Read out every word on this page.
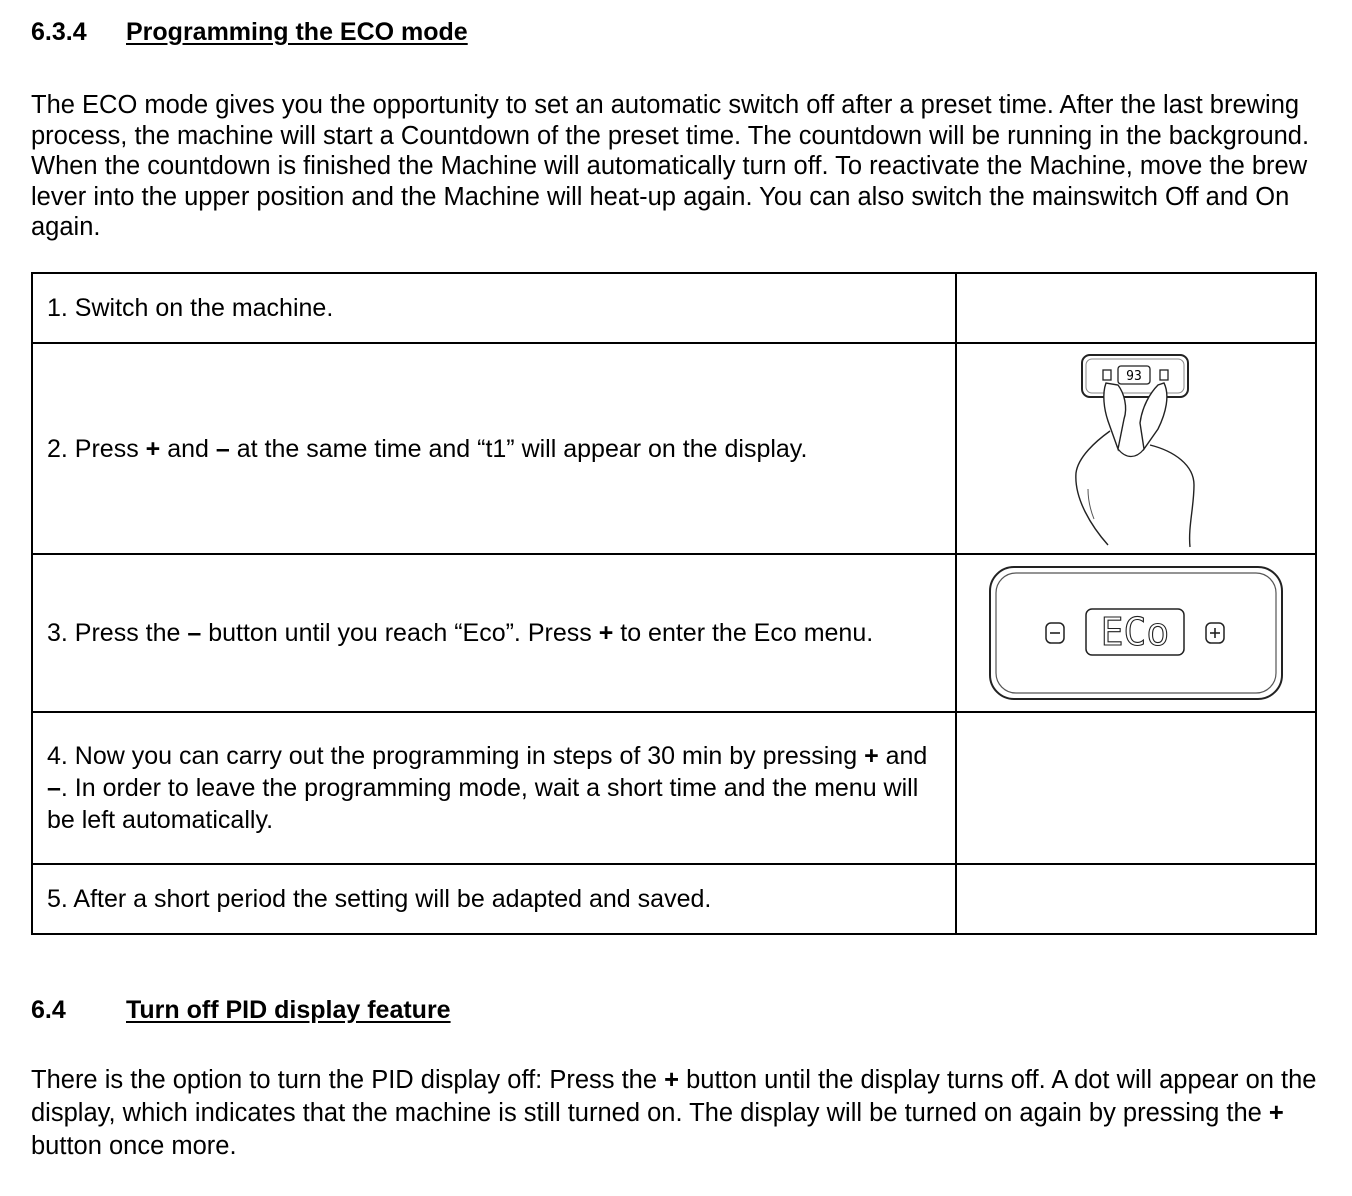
6.3.4	Programming the ECO mode

The ECO mode gives you the opportunity to set an automatic switch off after a preset time. After the last brewing process, the machine will start a Countdown of the preset time. The countdown will be running in the background. When the countdown is finished the Machine will automatically turn off. To reactivate the Machine, move the brew lever into the upper position and the Machine will heat-up again. You can also switch the mainswitch Off and On again.

1. Switch on the machine.	
2. Press + and – at the same time and “t1” will appear on the display.	93

3. Press the – button until you reach “Eco”. Press + to enter the Eco menu.	ECo

4. Now you can carry out the programming in steps of 30 min by pressing + and –. In order to leave the programming mode, wait a short time and the menu will be left automatically.	
5. After a short period the setting will be adapted and saved.	
6.4	Turn off PID display feature

There is the option to turn the PID display off: Press the + button until the display turns off. A dot will appear on the display, which indicates that the machine is still turned on. The display will be turned on again by pressing the + button once more.
